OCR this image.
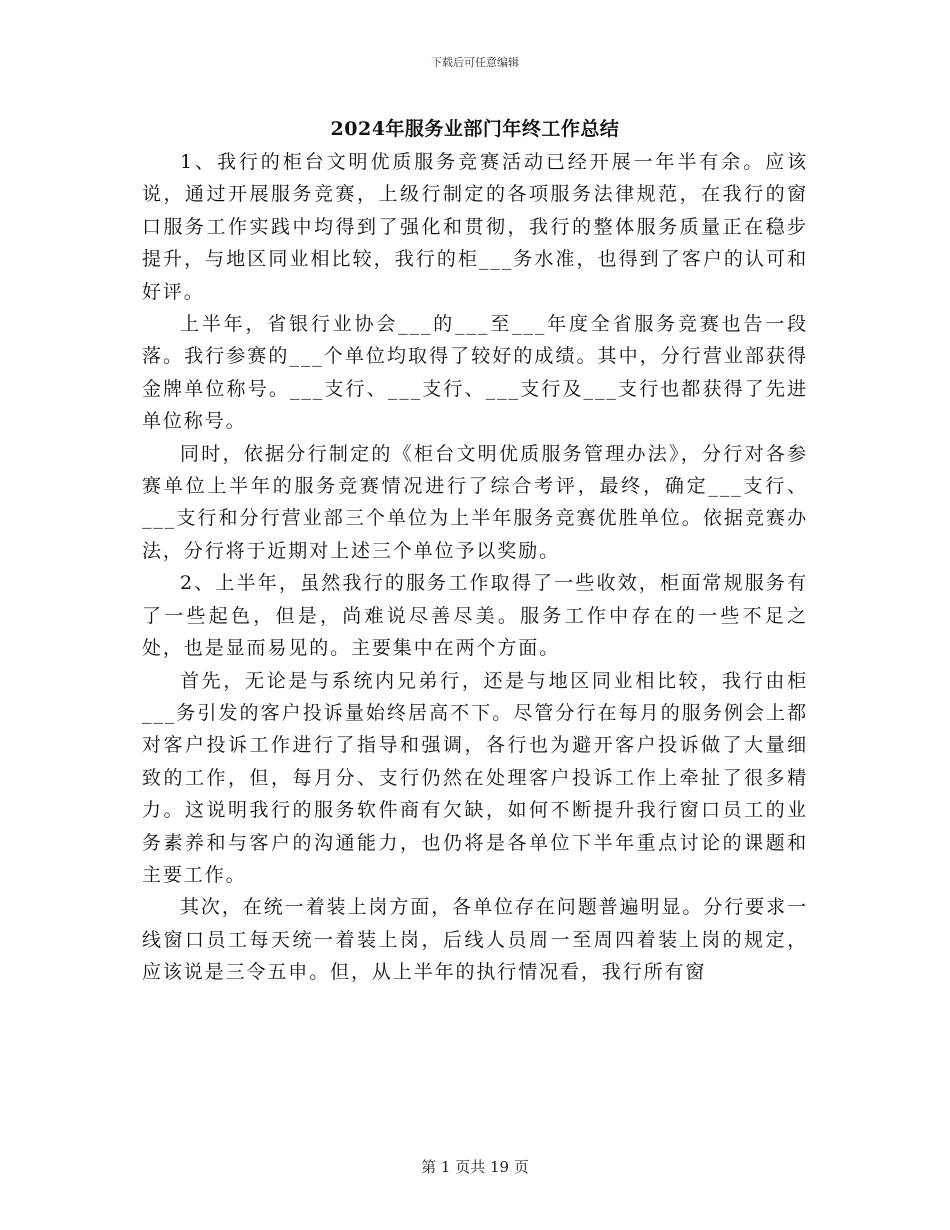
下载后可任意编辑
2024年服务业部门年终工作总结

1、我行的柜台文明优质服务竞赛活动已经开展一年半有余。应该说，通过开展服务竞赛，上级行制定的各项服务法律规范，在我行的窗口服务工作实践中均得到了强化和贯彻，我行的整体服务质量正在稳步提升，与地区同业相比较，我行的柜___务水准，也得到了客户的认可和好评。

上半年，省银行业协会___的___至___年度全省服务竞赛也告一段落。我行参赛的___个单位均取得了较好的成绩。其中，分行营业部获得金牌单位称号。___支行、___支行、___支行及___支行也都获得了先进单位称号。

同时，依据分行制定的《柜台文明优质服务管理办法》，分行对各参赛单位上半年的服务竞赛情况进行了综合考评，最终，确定___支行、___支行和分行营业部三个单位为上半年服务竞赛优胜单位。依据竞赛办法，分行将于近期对上述三个单位予以奖励。

2、上半年，虽然我行的服务工作取得了一些收效，柜面常规服务有了一些起色，但是，尚难说尽善尽美。服务工作中存在的一些不足之处，也是显而易见的。主要集中在两个方面。

首先，无论是与系统内兄弟行，还是与地区同业相比较，我行由柜___务引发的客户投诉量始终居高不下。尽管分行在每月的服务例会上都对客户投诉工作进行了指导和强调，各行也为避开客户投诉做了大量细致的工作，但，每月分、支行仍然在处理客户投诉工作上牵扯了很多精力。这说明我行的服务软件商有欠缺，如何不断提升我行窗口员工的业务素养和与客户的沟通能力，也仍将是各单位下半年重点讨论的课题和主要工作。

其次，在统一着装上岗方面，各单位存在问题普遍明显。分行要求一线窗口员工每天统一着装上岗，后线人员周一至周四着装上岗的规定，应该说是三令五申。但，从上半年的执行情况看，我行所有窗

第 1 页共 19 页
